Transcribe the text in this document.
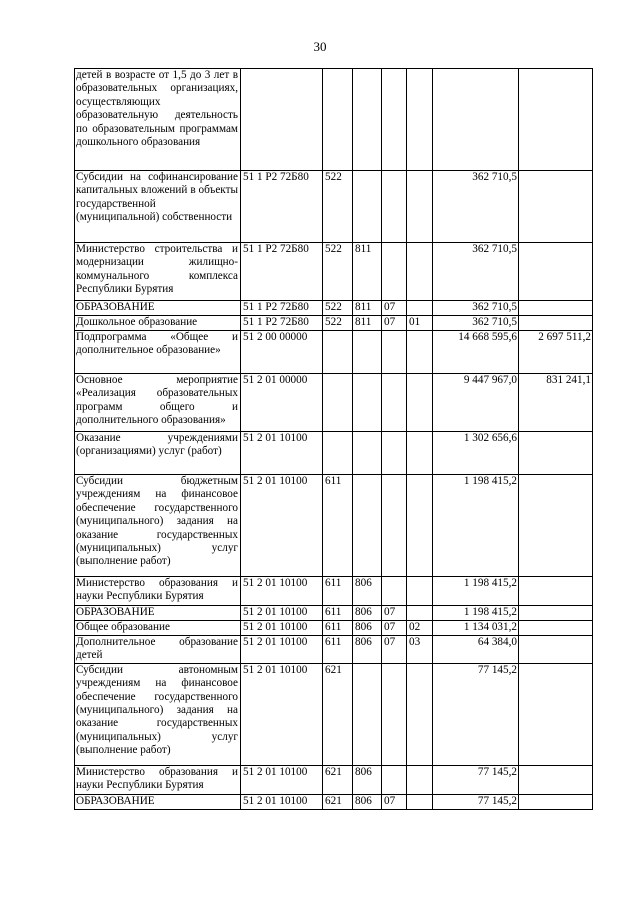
30
детей в возрасте от 1,5 до 3 лет в образовательных организациях, осуществляющих образовательную деятельность по образовательным программам дошкольного образования							
Субсидии на софинансирование капитальных вложений в объекты государственной (муниципальной) собственности	51 1 P2 72Б80	522				362 710,5	
Министерство строительства и модернизации жилищно-коммунального комплекса Республики Бурятия	51 1 P2 72Б80	522	811			362 710,5	
ОБРАЗОВАНИЕ	51 1 P2 72Б80	522	811	07		362 710,5	
Дошкольное образование	51 1 P2 72Б80	522	811	07	01	362 710,5	
Подпрограмма «Общее и дополнительное образование»	51 2 00 00000					14 668 595,6	2 697 511,2
Основное мероприятие «Реализация образовательных программ общего и дополнительного образования»	51 2 01 00000					9 447 967,0	831 241,1
Оказание учреждениями (организациями) услуг (работ)	51 2 01 10100					1 302 656,6	
Субсидии бюджетным учреждениям на финансовое обеспечение государственного (муниципального) задания на оказание государственных (муниципальных) услуг (выполнение работ)	51 2 01 10100	611				1 198 415,2	
Министерство образования и науки Республики Бурятия	51 2 01 10100	611	806			1 198 415,2	
ОБРАЗОВАНИЕ	51 2 01 10100	611	806	07		1 198 415,2	
Общее образование	51 2 01 10100	611	806	07	02	1 134 031,2	
Дополнительное образование детей	51 2 01 10100	611	806	07	03	64 384,0	
Субсидии автономным учреждениям на финансовое обеспечение государственного (муниципального) задания на оказание государственных (муниципальных) услуг (выполнение работ)	51 2 01 10100	621				77 145,2	
Министерство образования и науки Республики Бурятия	51 2 01 10100	621	806			77 145,2	
ОБРАЗОВАНИЕ	51 2 01 10100	621	806	07		77 145,2	
